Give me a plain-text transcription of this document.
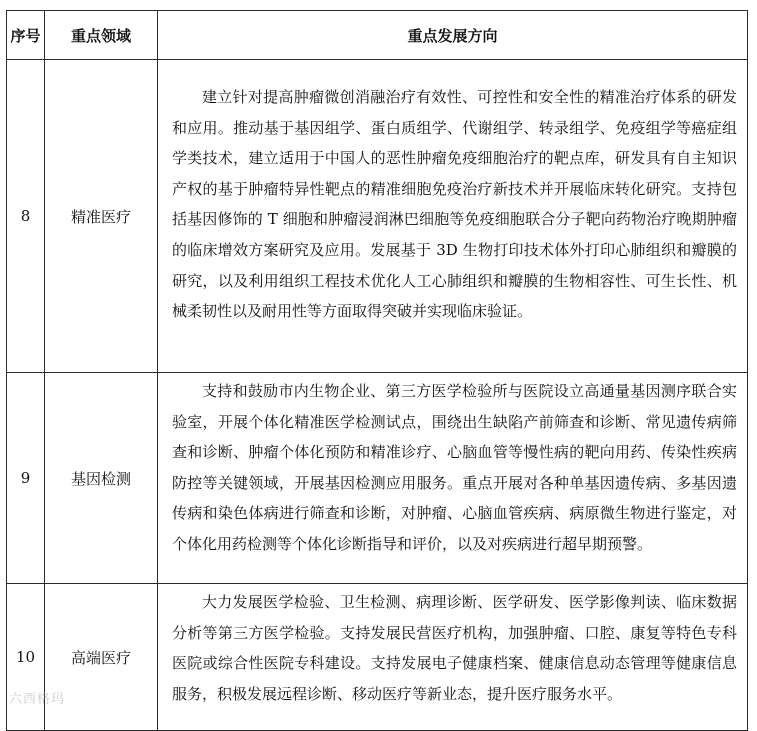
序号	重点领域	重点发展方向
8	精准医疗	建立针对提高肿瘤微创消融治疗有效性、可控性和安全性的精准治疗体系的研发和应用。推动基于基因组学、蛋白质组学、代谢组学、转录组学、免疫组学等癌症组学类技术，建立适用于中国人的恶性肿瘤免疫细胞治疗的靶点库，研发具有自主知识产权的基于肿瘤特异性靶点的精准细胞免疫治疗新技术并开展临床转化研究。支持包括基因修饰的 T 细胞和肿瘤浸润淋巴细胞等免疫细胞联合分子靶向药物治疗晚期肿瘤的临床增效方案研究及应用。发展基于 3D 生物打印技术体外打印心肺组织和瓣膜的研究，以及利用组织工程技术优化人工心肺组织和瓣膜的生物相容性、可生长性、机械柔韧性以及耐用性等方面取得突破并实现临床验证。
9	基因检测	支持和鼓励市内生物企业、第三方医学检验所与医院设立高通量基因测序联合实验室，开展个体化精准医学检测试点，围绕出生缺陷产前筛查和诊断、常见遗传病筛查和诊断、肿瘤个体化预防和精准诊疗、心脑血管等慢性病的靶向用药、传染性疾病防控等关键领域，开展基因检测应用服务。重点开展对各种单基因遗传病、多基因遗传病和染色体病进行筛查和诊断，对肿瘤、心脑血管疾病、病原微生物进行鉴定，对个体化用药检测等个体化诊断指导和评价，以及对疾病进行超早期预警。
10	高端医疗	大力发展医学检验、卫生检测、病理诊断、医学研发、医学影像判读、临床数据分析等第三方医学检验。支持发展民营医疗机构，加强肿瘤、口腔、康复等特色专科医院或综合性医院专科建设。支持发展电子健康档案、健康信息动态管理等健康信息服务，积极发展远程诊断、移动医疗等新业态，提升医疗服务水平。
六西格玛
